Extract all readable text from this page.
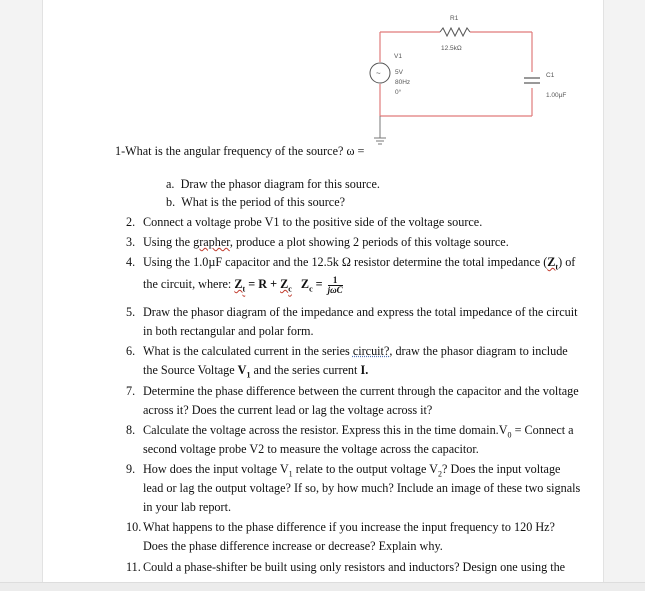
R1
12.5kΩ
~
V1
5V
80Hz
0°
C1
1.00µF
1-What is the angular frequency of the source? ω =
a. Draw the phasor diagram for this source.
b. What is the period of this source?
2. Connect a voltage probe V1 to the positive side of the voltage source.
3. Using the grapher, produce a plot showing 2 periods of this voltage source.
4. Using the 1.0µF capacitor and the 12.5k Ω resistor determine the total impedance $(Z_t)$ of
the circuit, where: $Z_t = R + Z_c$ $Z_c = \frac{1}{\text{jωC}}$
5. Draw the phasor diagram of the impedance and express the total impedance of the circuit
in both rectangular and polar form.
6. What is the calculated current in the series circuit?, draw the phasor diagram to include
the Source Voltage $V_1$ and the series current I.
7. Determine the phase difference between the current through the capacitor and the voltage
across it? Does the current lead or lag the voltage across it?
8. Calculate the voltage across the resistor. Express this in the time $domain.V_0$ = Connect a
second voltage probe V2 to measure the voltage across the capacitor.
9. How does the input voltage $V_1$ relate to the output voltage $V_2$? Does the input voltage
lead or lag the output voltage? If so, by how much? Include an image of these two signals
in your lab report.
10. What happens to the phase difference if you increase the input frequency to 120 Hz?
Does the phase difference increase or decrease? Explain why.
11. Could a phase-shifter be built using only resistors and inductors? Design one using the
